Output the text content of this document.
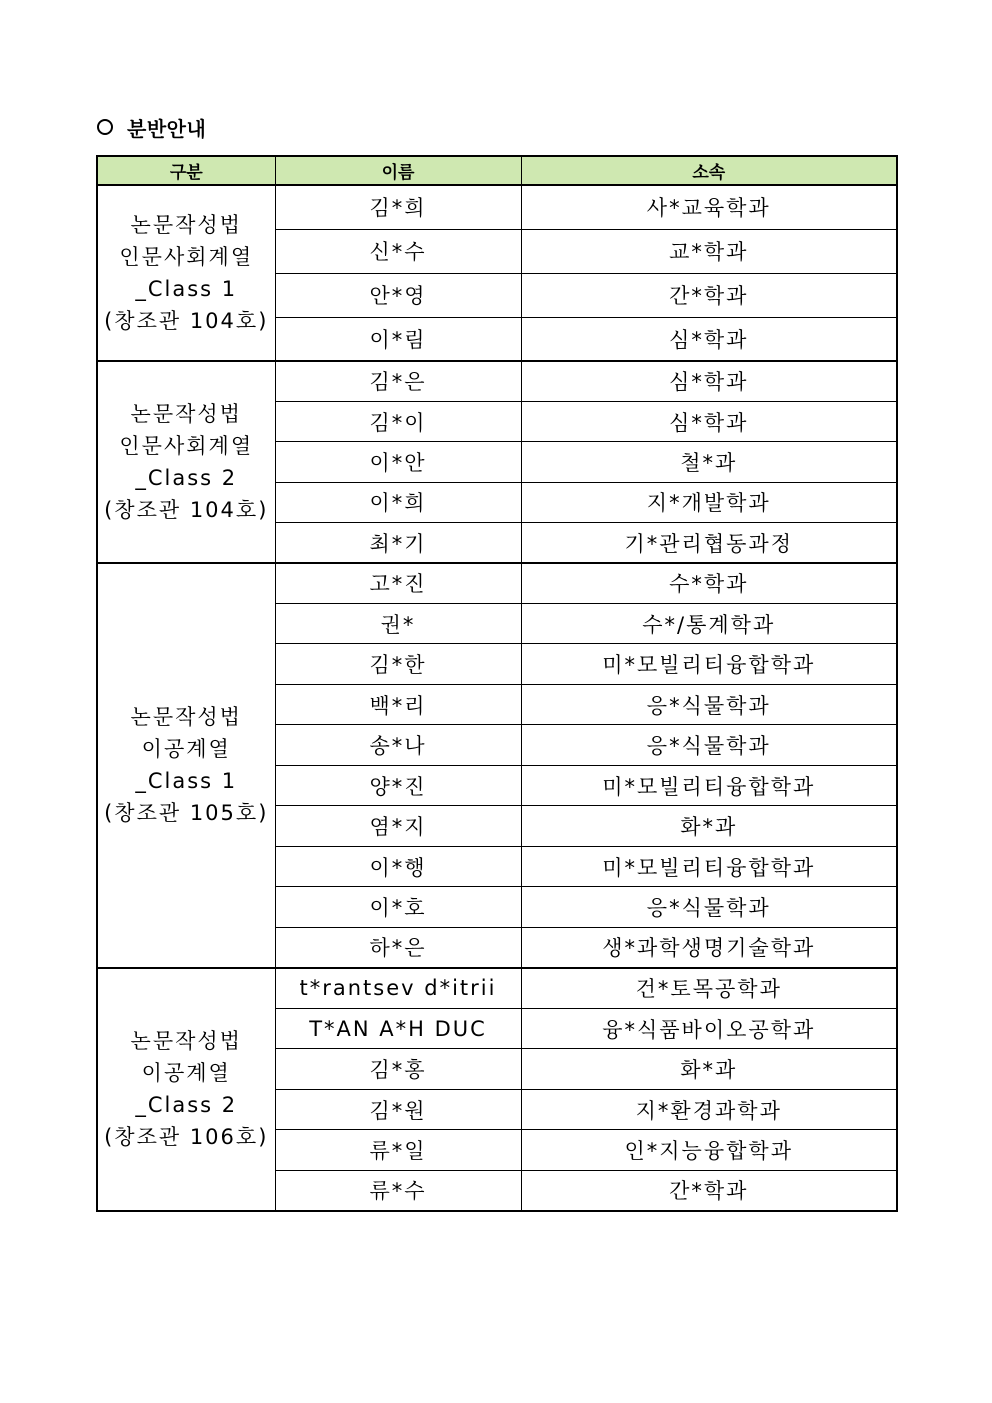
분반안내
구분	이름	소속

논문작성법
인문사회계열
_Class 1
(창조관 104호)	김*희	사*교육학과
	신*수	교*학과
	안*영	간*학과
	이*림	심*학과

논문작성법
인문사회계열
_Class 2
(창조관 104호)	김*은	심*학과
	김*이	심*학과
	이*안	철*과
	이*희	지*개발학과
	최*기	기*관리협동과정

논문작성법
이공계열
_Class 1
(창조관 105호)	고*진	수*학과
	권*	수*/통계학과
	김*한	미*모빌리티융합학과
	백*리	응*식물학과
	송*나	응*식물학과
	양*진	미*모빌리티융합학과
	염*지	화*과
	이*행	미*모빌리티융합학과
	이*호	응*식물학과
	하*은	생*과학생명기술학과

논문작성법
이공계열
_Class 2
(창조관 106호)	t*rantsev d*itrii	건*토목공학과
	T*AN A*H DUC	융*식품바이오공학과
	김*홍	화*과
	김*원	지*환경과학과
	류*일	인*지능융합학과
	류*수	간*학과
